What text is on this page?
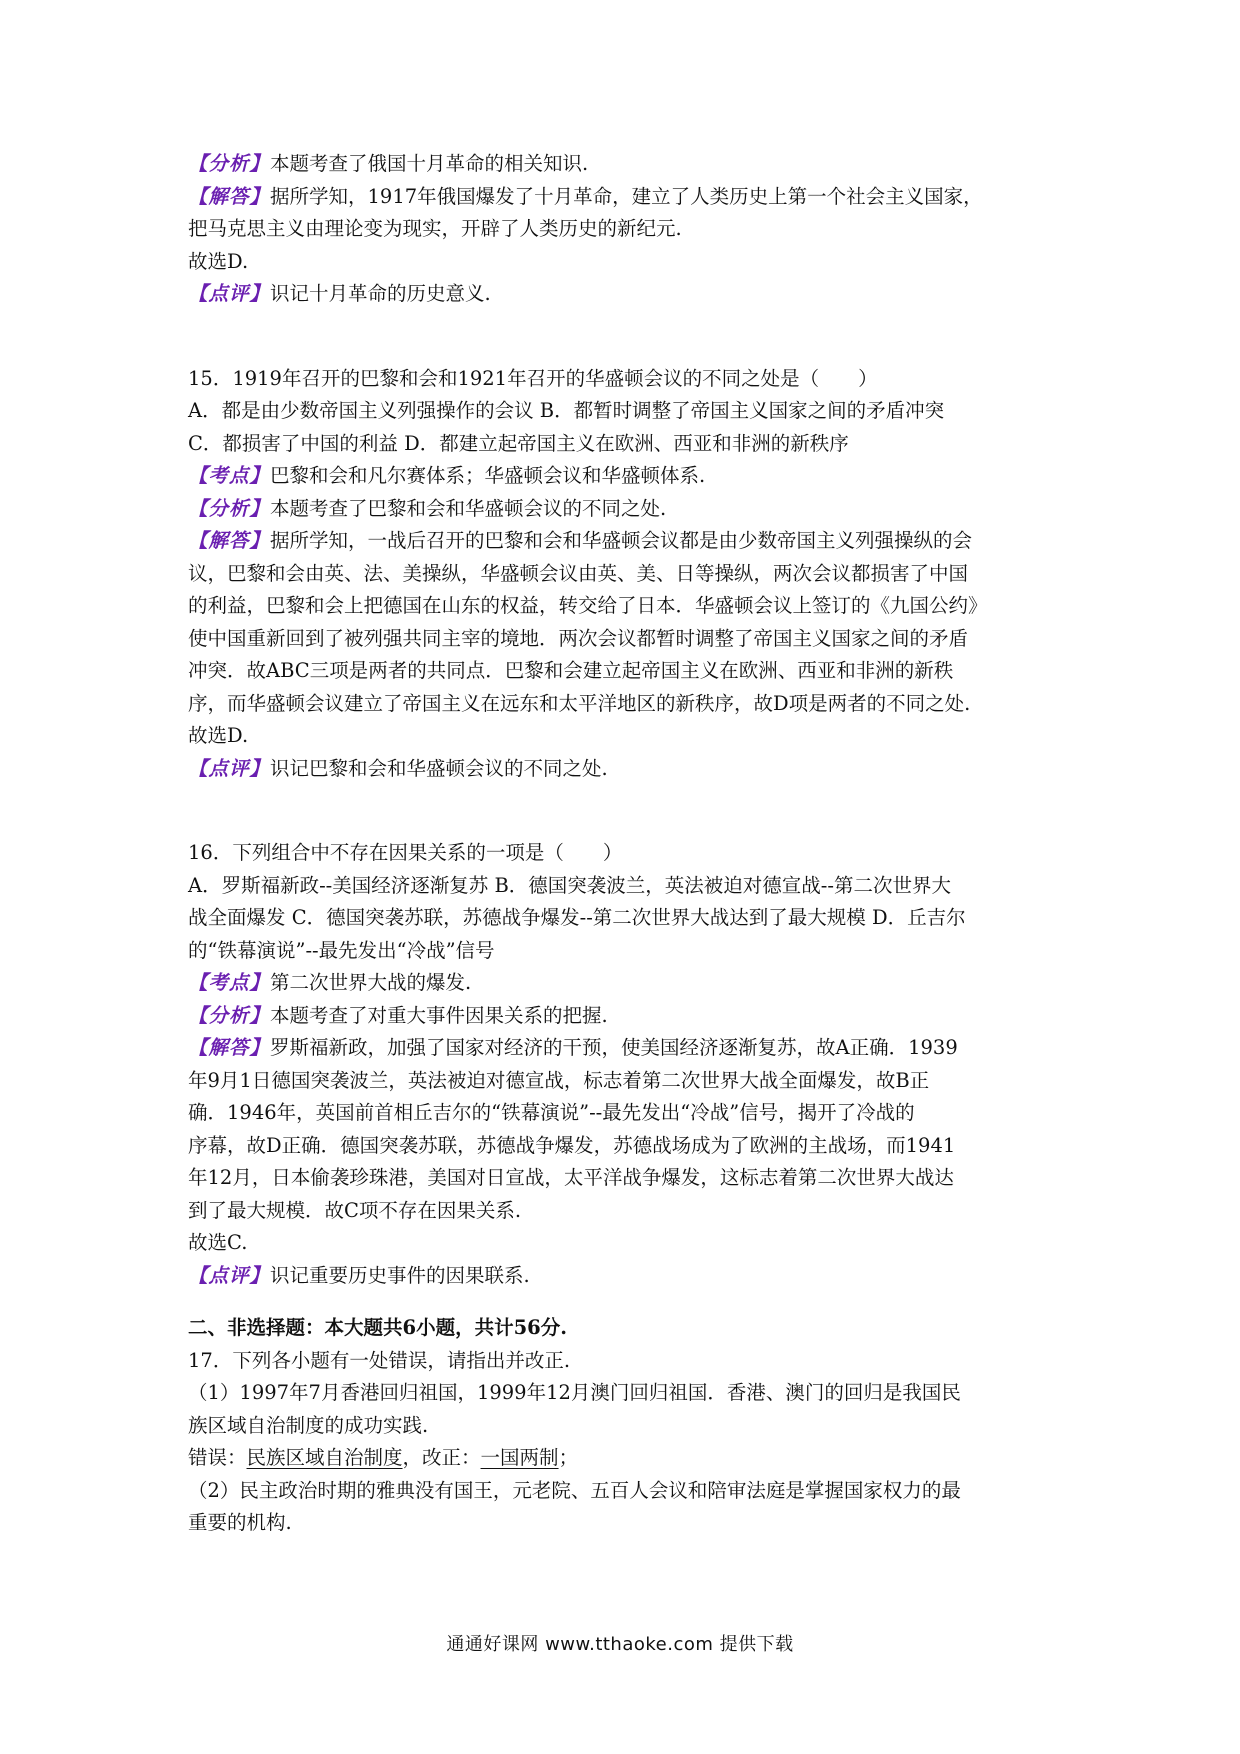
【分析】本题考查了俄国十月革命的相关知识.

【解答】据所学知，1917年俄国爆发了十月革命，建立了人类历史上第一个社会主义国家，

把马克思主义由理论变为现实，开辟了人类历史的新纪元.

故选D.

【点评】识记十月革命的历史意义.

15．1919年召开的巴黎和会和1921年召开的华盛顿会议的不同之处是（　　）

A．都是由少数帝国主义列强操作的会议 B．都暂时调整了帝国主义国家之间的矛盾冲突

C．都损害了中国的利益 D．都建立起帝国主义在欧洲、西亚和非洲的新秩序

【考点】巴黎和会和凡尔赛体系；华盛顿会议和华盛顿体系.

【分析】本题考查了巴黎和会和华盛顿会议的不同之处.

【解答】据所学知，一战后召开的巴黎和会和华盛顿会议都是由少数帝国主义列强操纵的会

议，巴黎和会由英、法、美操纵，华盛顿会议由英、美、日等操纵，两次会议都损害了中国

的利益，巴黎和会上把德国在山东的权益，转交给了日本．华盛顿会议上签订的《九国公约》

使中国重新回到了被列强共同主宰的境地．两次会议都暂时调整了帝国主义国家之间的矛盾

冲突．故ABC三项是两者的共同点．巴黎和会建立起帝国主义在欧洲、西亚和非洲的新秩

序，而华盛顿会议建立了帝国主义在远东和太平洋地区的新秩序，故D项是两者的不同之处.

故选D.

【点评】识记巴黎和会和华盛顿会议的不同之处.

16．下列组合中不存在因果关系的一项是（　　）

A．罗斯福新政--美国经济逐渐复苏 B．德国突袭波兰，英法被迫对德宣战--第二次世界大

战全面爆发 C．德国突袭苏联，苏德战争爆发--第二次世界大战达到了最大规模 D．丘吉尔

的“铁幕演说”--最先发出“冷战”信号

【考点】第二次世界大战的爆发.

【分析】本题考查了对重大事件因果关系的把握.

【解答】罗斯福新政，加强了国家对经济的干预，使美国经济逐渐复苏，故A正确．1939

年9月1日德国突袭波兰，英法被迫对德宣战，标志着第二次世界大战全面爆发，故B正

确．1946年，英国前首相丘吉尔的“铁幕演说”--最先发出“冷战”信号，揭开了冷战的

序幕，故D正确．德国突袭苏联，苏德战争爆发，苏德战场成为了欧洲的主战场，而1941

年12月，日本偷袭珍珠港，美国对日宣战，太平洋战争爆发，这标志着第二次世界大战达

到了最大规模．故C项不存在因果关系.

故选C.

【点评】识记重要历史事件的因果联系.

二、非选择题：本大题共6小题，共计56分.

17．下列各小题有一处错误，请指出并改正.

（1）1997年7月香港回归祖国，1999年12月澳门回归祖国．香港、澳门的回归是我国民

族区域自治制度的成功实践.

错误：民族区域自治制度，改正：一国两制；

（2）民主政治时期的雅典没有国王，元老院、五百人会议和陪审法庭是掌握国家权力的最

重要的机构.

通通好课网 www.tthaoke.com 提供下载
